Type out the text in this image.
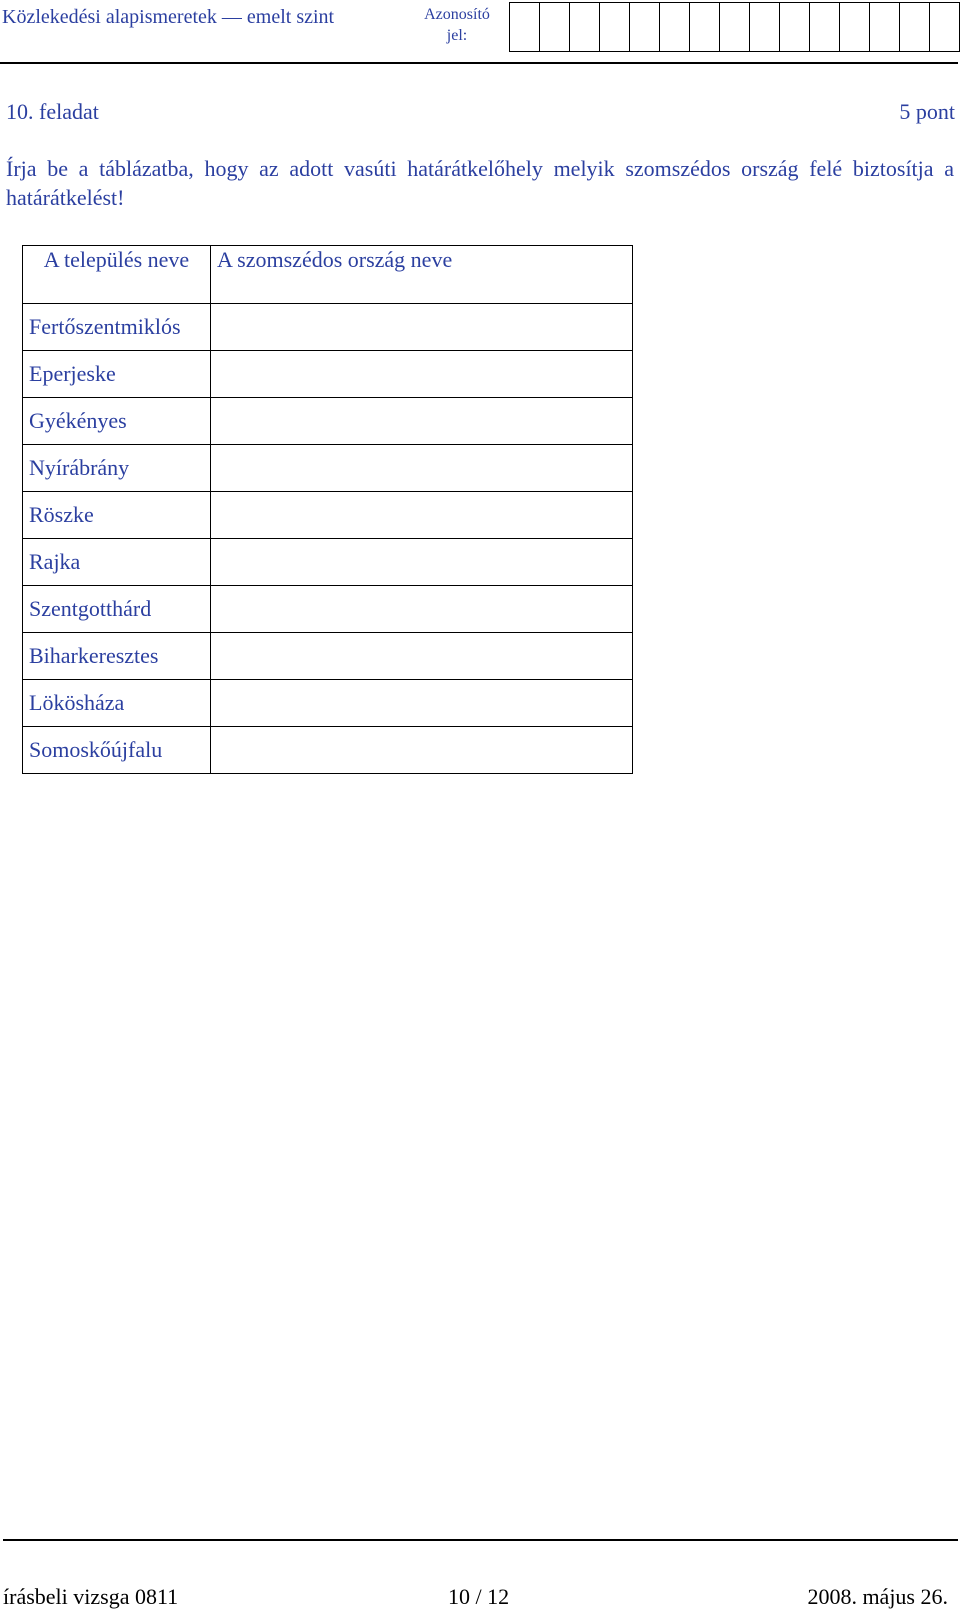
Közlekedési alapismeretek — emelt szint	Azonosító jel:
10. feladat	5 pont
Írja be a táblázatba, hogy az adott vasúti határátkelőhely melyik szomszédos ország felé biztosítja a határátkelést!
A település neve	A szomszédos ország neve
Fertőszentmiklós	
Eperjeske	
Gyékényes	
Nyírábrány	
Röszke	
Rajka	
Szentgotthárd	
Biharkeresztes	
Lökösháza	
Somoskőújfalu	
írásbeli vizsga 0811	10 / 12	2008. május 26.
